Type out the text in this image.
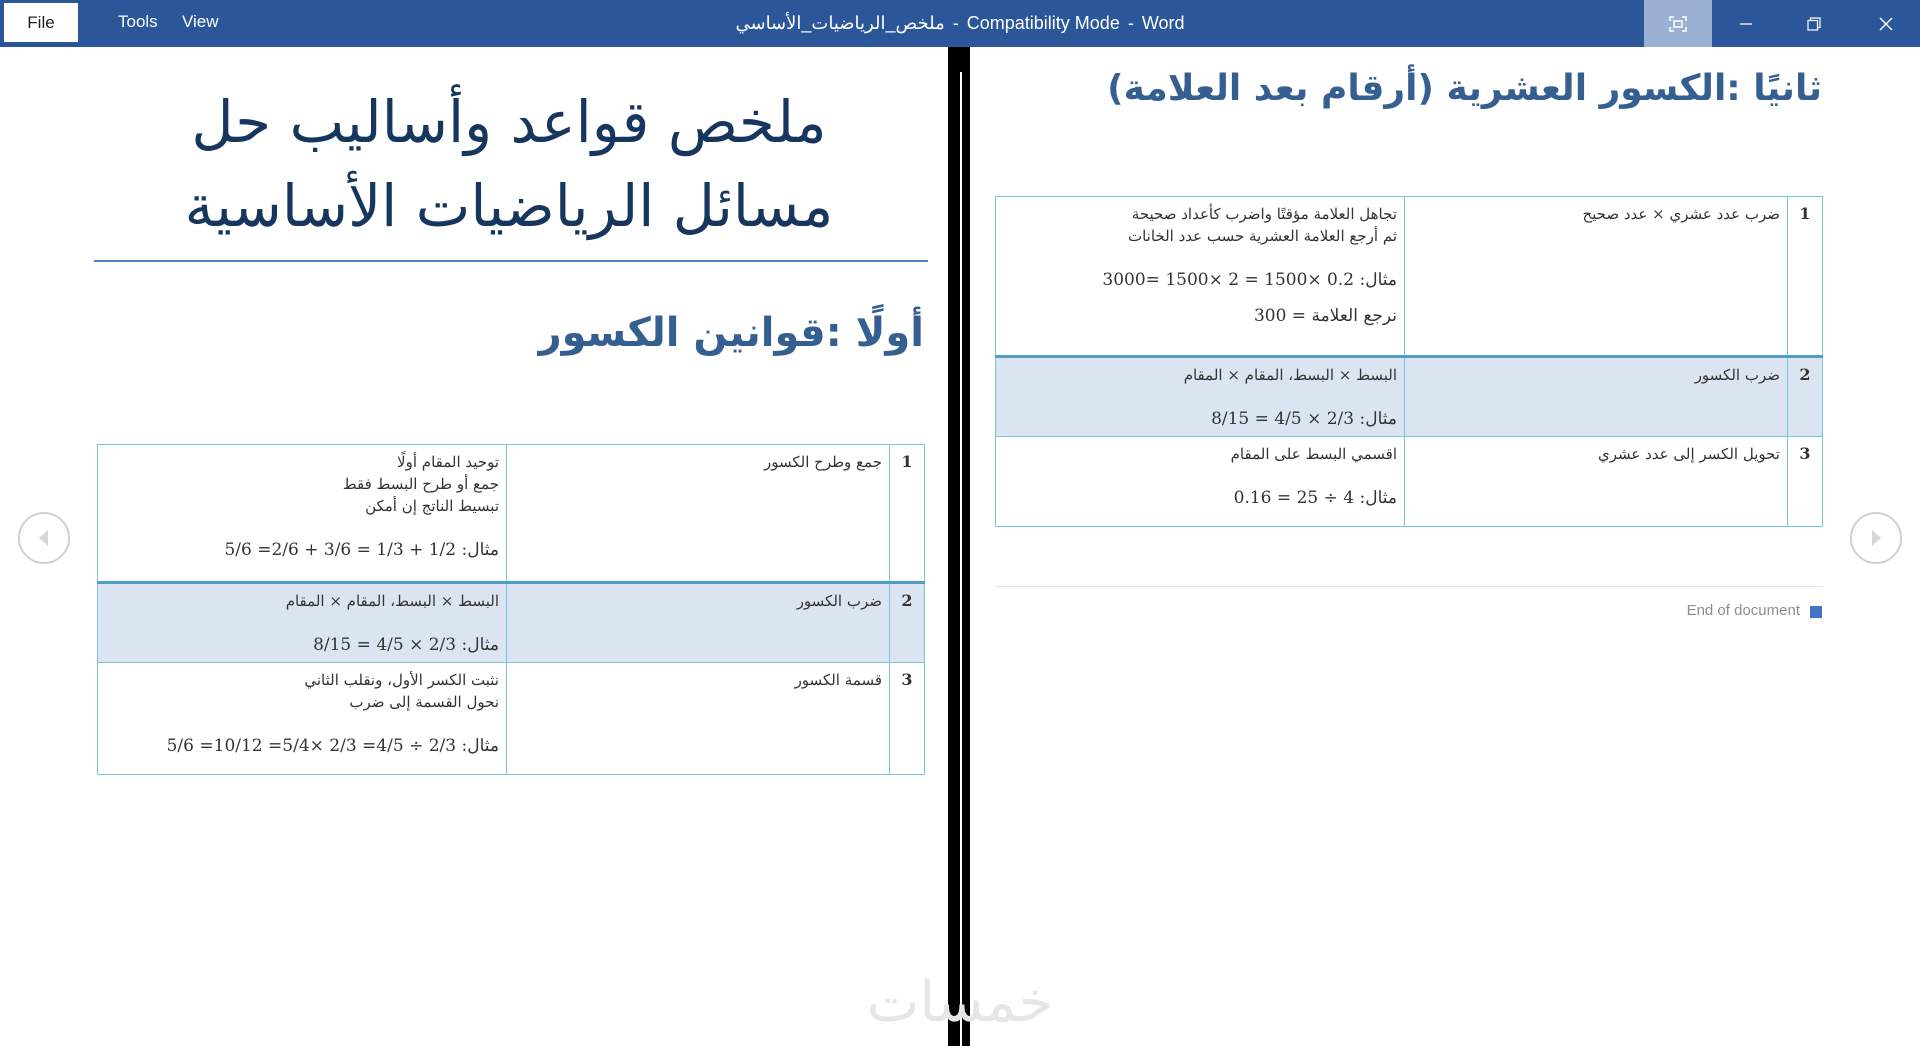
File	Tools	View	ملخص_الرياضيات_الأساسي - Compatibility Mode - Word
ملخص قواعد وأساليب حل
مسائل الرياضيات الأساسية
أولًا :قوانين الكسور
1	جمع وطرح الكسور	توحيد المقام أولًا
جمع أو طرح البسط فقط
تبسيط الناتج إن أمكن
مثال: 1/2 + 1/3 = 3/6 + 2/6= 5/6

2	ضرب الكسور	البسط × البسط، المقام × المقام
مثال: 2/3 × 4/5 = 8/15

3	قسمة الكسور	نثبت الكسر الأول، ونقلب الثاني
نحول القسمة إلى ضرب
مثال: 2/3 ÷ 4/5= 2/3 ×5/4= 10/12= 5/6
ثانيًا :الكسور العشرية (أرقام بعد العلامة)
1	ضرب عدد عشري × عدد صحيح	تجاهل العلامة مؤقتًا واضرب كأعداد صحيحة
ثم أرجع العلامة العشرية حسب عدد الخانات
مثال: 0.2 ×1500 = 2 ×1500 =3000
نرجع العلامة = 300

2	ضرب الكسور	البسط × البسط، المقام × المقام
مثال: 2/3 × 4/5 = 8/15

3	تحويل الكسر إلى عدد عشري	اقسمي البسط على المقام
مثال: 4 ÷ 25 = 0.16
End of document
خمسات
